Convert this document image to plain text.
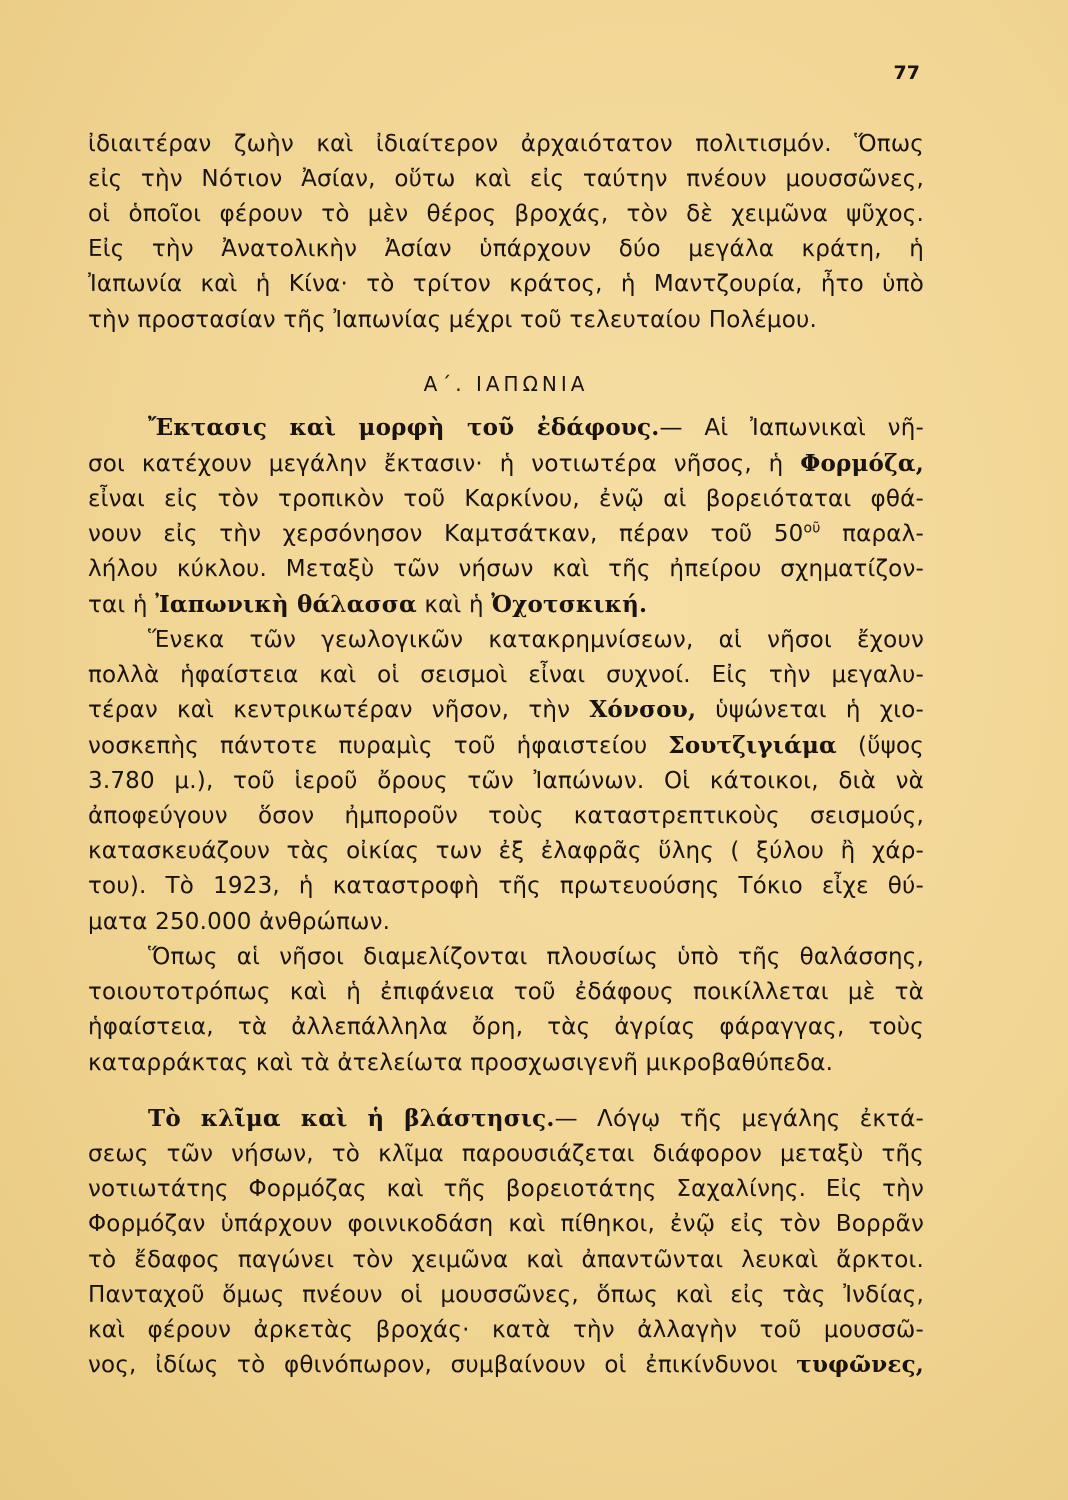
77
ἰδιαιτέραν ζωὴν καὶ ἰδιαίτερον ἀρχαιότατον πολιτισμόν. Ὅπως
εἰς τὴν Νότιον Ἀσίαν, οὕτω καὶ εἰς ταύτην πνέουν μουσσῶνες,
οἱ ὁποῖοι φέρουν τὸ μὲν θέρος βροχάς, τὸν δὲ χειμῶνα ψῦχος.
Εἰς τὴν Ἀνατολικὴν Ἀσίαν ὑπάρχουν δύο μεγάλα κράτη, ἡ
Ἰαπωνία καὶ ἡ Κίνα· τὸ τρίτον κράτος, ἡ Μαντζουρία, ἦτο ὑπὸ
τὴν προστασίαν τῆς Ἰαπωνίας μέχρι τοῦ τελευταίου Πολέμου.
Α΄. ΙΑΠΩΝΙΑ
Ἔκτασις καὶ μορφὴ τοῦ ἐδάφους.— Αἱ Ἰαπωνικαὶ νῆ-
σοι κατέχουν μεγάλην ἔκτασιν· ἡ νοτιωτέρα νῆσος, ἡ Φορμόζα,
εἶναι εἰς τὸν τροπικὸν τοῦ Καρκίνου, ἐνῷ αἱ βορειόταται φθά-
νουν εἰς τὴν χερσόνησον Καμτσάτκαν, πέραν τοῦ $50^{oῦ}$ παραλ-
λήλου κύκλου. Μεταξὺ τῶν νήσων καὶ τῆς ἠπείρου σχηματίζον-
ται ἡ Ἰαπωνικὴ θάλασσα καὶ ἡ Ὀχοτσκική.
Ἕνεκα τῶν γεωλογικῶν κατακρημνίσεων, αἱ νῆσοι ἔχουν
πολλὰ ἡφαίστεια καὶ οἱ σεισμοὶ εἶναι συχνοί. Εἰς τὴν μεγαλυ-
τέραν καὶ κεντρικωτέραν νῆσον, τὴν Χόνσου, ὑψώνεται ἡ χιο-
νοσκεπὴς πάντοτε πυραμὶς τοῦ ἡφαιστείου Σουτζιγιάμα (ὕψος
3.780 μ.), τοῦ ἱεροῦ ὄρους τῶν Ἰαπώνων. Οἱ κάτοικοι, διὰ νὰ
ἀποφεύγουν ὅσον ἠμποροῦν τοὺς καταστρεπτικοὺς σεισμούς,
κατασκευάζουν τὰς οἰκίας των ἐξ ἐλαφρᾶς ὕλης ( ξύλου ἢ χάρ-
του). Τὸ 1923, ἡ καταστροφὴ τῆς πρωτευούσης Τόκιο εἶχε θύ-
ματα 250.000 ἀνθρώπων.
Ὅπως αἱ νῆσοι διαμελίζονται πλουσίως ὑπὸ τῆς θαλάσσης,
τοιουτοτρόπως καὶ ἡ ἐπιφάνεια τοῦ ἐδάφους ποικίλλεται μὲ τὰ
ἡφαίστεια, τὰ ἀλλεπάλληλα ὄρη, τὰς ἀγρίας φάραγγας, τοὺς
καταρράκτας καὶ τὰ ἀτελείωτα προσχωσιγενῆ μικροβαθύπεδα.
Τὸ κλῖμα καὶ ἡ βλάστησις.— Λόγῳ τῆς μεγάλης ἐκτά-
σεως τῶν νήσων, τὸ κλῖμα παρουσιάζεται διάφορον μεταξὺ τῆς
νοτιωτάτης Φορμόζας καὶ τῆς βορειοτάτης Σαχαλίνης. Εἰς τὴν
Φορμόζαν ὑπάρχουν φοινικοδάση καὶ πίθηκοι, ἐνῷ εἰς τὸν Βορρᾶν
τὸ ἔδαφος παγώνει τὸν χειμῶνα καὶ ἀπαντῶνται λευκαὶ ἄρκτοι.
Πανταχοῦ ὅμως πνέουν οἱ μουσσῶνες, ὅπως καὶ εἰς τὰς Ἰνδίας,
καὶ φέρουν ἀρκετὰς βροχάς· κατὰ τὴν ἀλλαγὴν τοῦ μουσσῶ-
νος, ἰδίως τὸ φθινόπωρον, συμβαίνουν οἱ ἐπικίνδυνοι τυφῶνες,
